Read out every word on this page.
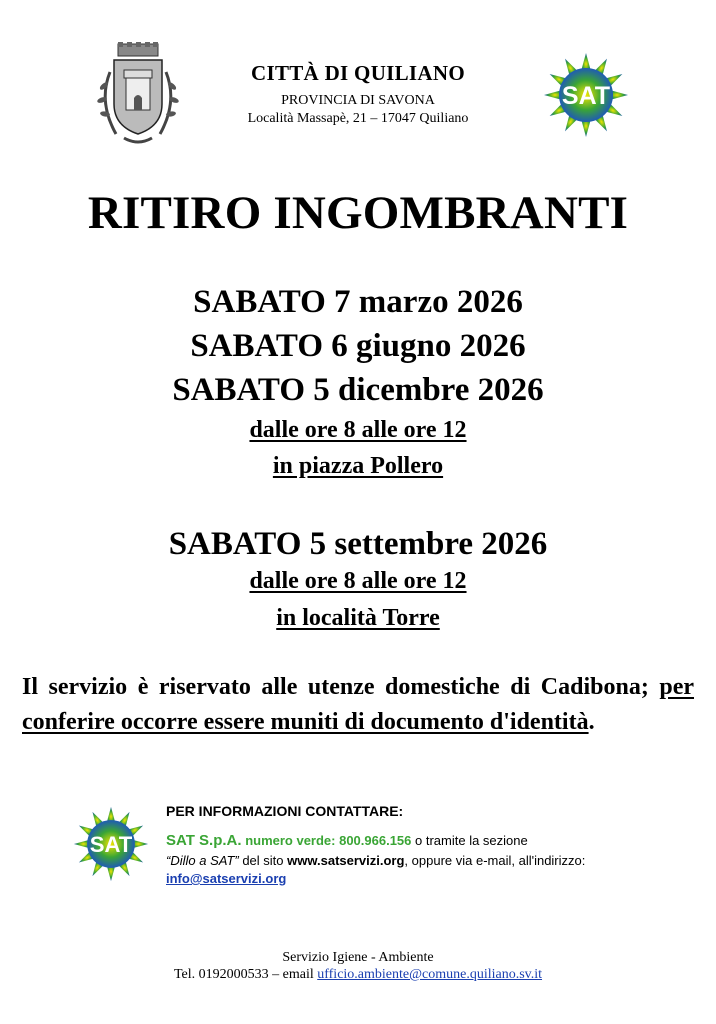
CITTÀ DI QUILIANO
PROVINCIA DI SAVONA
Località Massapè, 21 – 17047 Quiliano
SAT
RITIRO INGOMBRANTI
SABATO 7 marzo 2026
SABATO 6 giugno 2026
SABATO 5 dicembre 2026
dalle ore 8 alle ore 12
in piazza Pollero
SABATO 5 settembre 2026
dalle ore 8 alle ore 12
in località Torre
Il servizio è riservato alle utenze domestiche di Cadibona; per conferire occorre essere muniti di documento d'identità.
SAT
PER INFORMAZIONI CONTATTARE:
SAT S.p.A. numero verde: 800.966.156 o tramite la sezione
“Dillo a SAT” del sito www.satservizi.org, oppure via e-mail, all'indirizzo:
info@satservizi.org
Servizio Igiene - Ambiente
Tel. 0192000533 – email ufficio.ambiente@comune.quiliano.sv.it
